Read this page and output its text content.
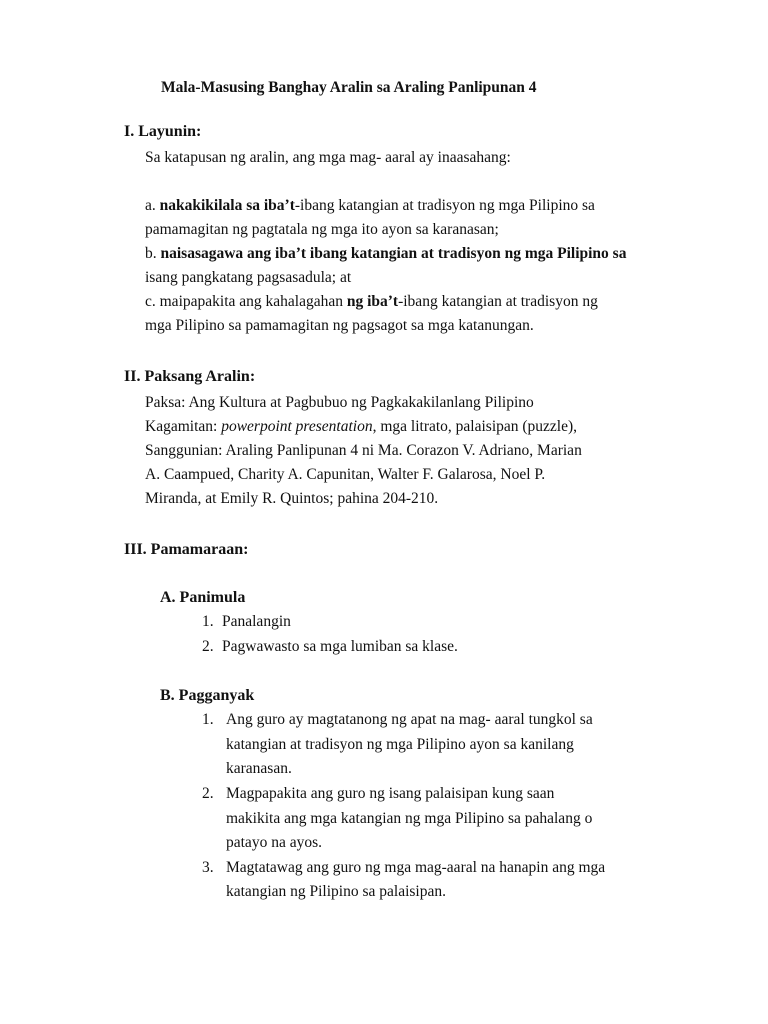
Mala-Masusing Banghay Aralin sa Araling Panlipunan 4
I. Layunin:
Sa katapusan ng aralin, ang mga mag- aaral ay inaasahang:
a. nakakikilala sa iba’t-ibang katangian at tradisyon ng mga Pilipino sa
pamamagitan ng pagtatala ng mga ito ayon sa karanasan;
b. naisasagawa ang iba’t ibang katangian at tradisyon ng mga Pilipino sa
isang pangkatang pagsasadula; at
c. maipapakita ang kahalagahan ng iba’t-ibang katangian at tradisyon ng
mga Pilipino sa pamamagitan ng pagsagot sa mga katanungan.
II. Paksang Aralin:
Paksa: Ang Kultura at Pagbubuo ng Pagkakakilanlang Pilipino
Kagamitan: powerpoint presentation, mga litrato, palaisipan (puzzle),
Sanggunian: Araling Panlipunan 4 ni Ma. Corazon V. Adriano, Marian
A. Caampued, Charity A. Capunitan, Walter F. Galarosa, Noel P.
Miranda, at Emily R. Quintos; pahina 204-210.
III. Pamamaraan:
A. Panimula
1. Panalangin
2. Pagwawasto sa mga lumiban sa klase.
B. Pagganyak
1. Ang guro ay magtatanong ng apat na mag- aaral tungkol sa
katangian at tradisyon ng mga Pilipino ayon sa kanilang
karanasan.
2. Magpapakita ang guro ng isang palaisipan kung saan
makikita ang mga katangian ng mga Pilipino sa pahalang o
patayo na ayos.
3. Magtatawag ang guro ng mga mag-aaral na hanapin ang mga
katangian ng Pilipino sa palaisipan.
